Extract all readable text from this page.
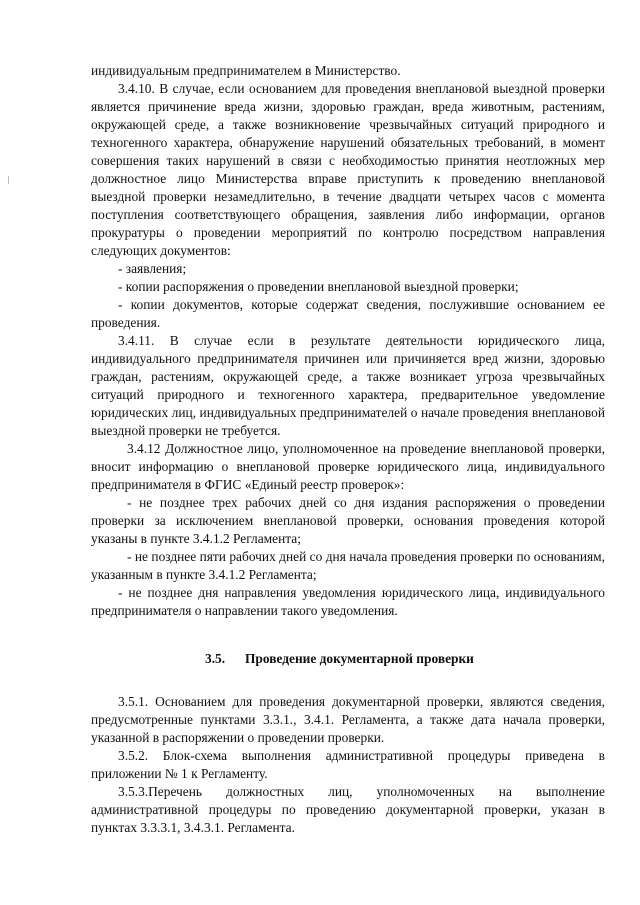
индивидуальным предпринимателем в Министерство.

3.4.10. В случае, если основанием для проведения внеплановой выездной проверки является причинение вреда жизни, здоровью граждан, вреда животным, растениям, окружающей среде, а также возникновение чрезвычайных ситуаций природного и техногенного характера, обнаружение нарушений обязательных требований, в момент совершения таких нарушений в связи с необходимостью принятия неотложных мер должностное лицо Министерства вправе приступить к проведению внеплановой выездной проверки незамедлительно, в течение двадцати четырех часов с момента поступления соответствующего обращения, заявления либо информации, органов прокуратуры о проведении мероприятий по контролю посредством направления следующих документов:

- заявления;

- копии распоряжения о проведении внеплановой выездной проверки;

- копии документов, которые содержат сведения, послужившие основанием ее проведения.

3.4.11. В случае если в результате деятельности юридического лица, индивидуального предпринимателя причинен или причиняется вред жизни, здоровью граждан, растениям, окружающей среде, а также возникает угроза чрезвычайных ситуаций природного и техногенного характера, предварительное уведомление юридических лиц, индивидуальных предпринимателей о начале проведения внеплановой выездной проверки не требуется.

3.4.12 Должностное лицо, уполномоченное на проведение внеплановой проверки, вносит информацию о внеплановой проверке юридического лица, индивидуального предпринимателя в ФГИС «Единый реестр проверок»:

- не позднее трех рабочих дней со дня издания распоряжения о проведении проверки за исключением внеплановой проверки, основания проведения которой указаны в пункте 3.4.1.2 Регламента;

- не позднее пяти рабочих дней со дня начала проведения проверки по основаниям, указанным в пункте 3.4.1.2 Регламента;

- не позднее дня направления уведомления юридического лица, индивидуального предпринимателя о направлении такого уведомления.

3.5. Проведение документарной проверки

3.5.1. Основанием для проведения документарной проверки, являются сведения, предусмотренные пунктами 3.3.1., 3.4.1. Регламента, а также дата начала проверки, указанной в распоряжении о проведении проверки.

3.5.2. Блок-схема выполнения административной процедуры приведена в приложении № 1 к Регламенту.

3.5.3.Перечень должностных лиц, уполномоченных на выполнение административной процедуры по проведению документарной проверки, указан в пунктах 3.3.3.1, 3.4.3.1. Регламента.
